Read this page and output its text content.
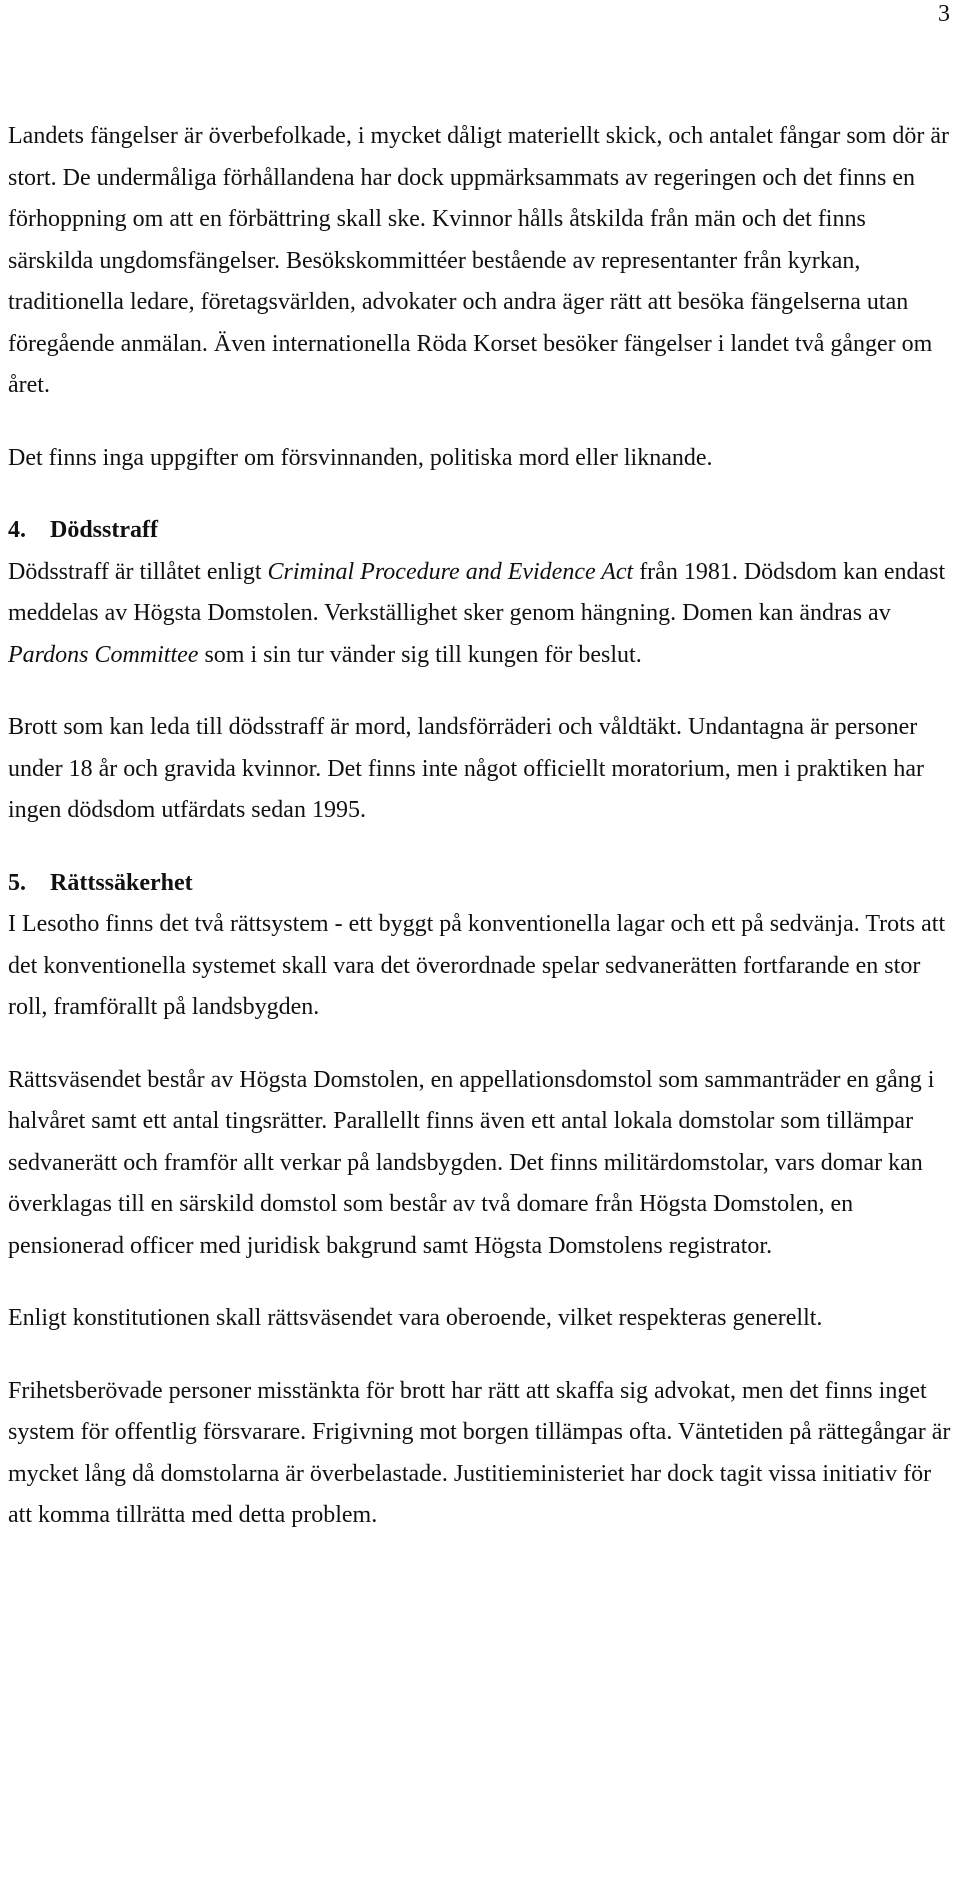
3

Landets fängelser är överbefolkade, i mycket dåligt materiellt skick, och antalet fångar som dör är stort. De undermåliga förhållandena har dock uppmärksammats av regeringen och det finns en förhoppning om att en förbättring skall ske. Kvinnor hålls åtskilda från män och det finns särskilda ungdomsfängelser. Besökskommittéer bestående av representanter från kyrkan, traditionella ledare, företagsvärlden, advokater och andra äger rätt att besöka fängelserna utan föregående anmälan. Även internationella Röda Korset besöker fängelser i landet två gånger om året.

Det finns inga uppgifter om försvinnanden, politiska mord eller liknande.

4. Dödsstraff

Dödsstraff är tillåtet enligt Criminal Procedure and Evidence Act från 1981. Dödsdom kan endast meddelas av Högsta Domstolen. Verkställighet sker genom hängning. Domen kan ändras av Pardons Committee som i sin tur vänder sig till kungen för beslut.

Brott som kan leda till dödsstraff är mord, landsförräderi och våldtäkt. Undantagna är personer under 18 år och gravida kvinnor. Det finns inte något officiellt moratorium, men i praktiken har ingen dödsdom utfärdats sedan 1995.

5. Rättssäkerhet

I Lesotho finns det två rättsystem - ett byggt på konventionella lagar och ett på sedvänja. Trots att det konventionella systemet skall vara det överordnade spelar sedvanerätten fortfarande en stor roll, framförallt på landsbygden.

Rättsväsendet består av Högsta Domstolen, en appellationsdomstol som sammanträder en gång i halvåret samt ett antal tingsrätter. Parallellt finns även ett antal lokala domstolar som tillämpar sedvanerätt och framför allt verkar på landsbygden. Det finns militärdomstolar, vars domar kan överklagas till en särskild domstol som består av två domare från Högsta Domstolen, en pensionerad officer med juridisk bakgrund samt Högsta Domstolens registrator.

Enligt konstitutionen skall rättsväsendet vara oberoende, vilket respekteras generellt.

Frihetsberövade personer misstänkta för brott har rätt att skaffa sig advokat, men det finns inget system för offentlig försvarare. Frigivning mot borgen tillämpas ofta. Väntetiden på rättegångar är mycket lång då domstolarna är överbelastade. Justitieministeriet har dock tagit vissa initiativ för att komma tillrätta med detta problem.
